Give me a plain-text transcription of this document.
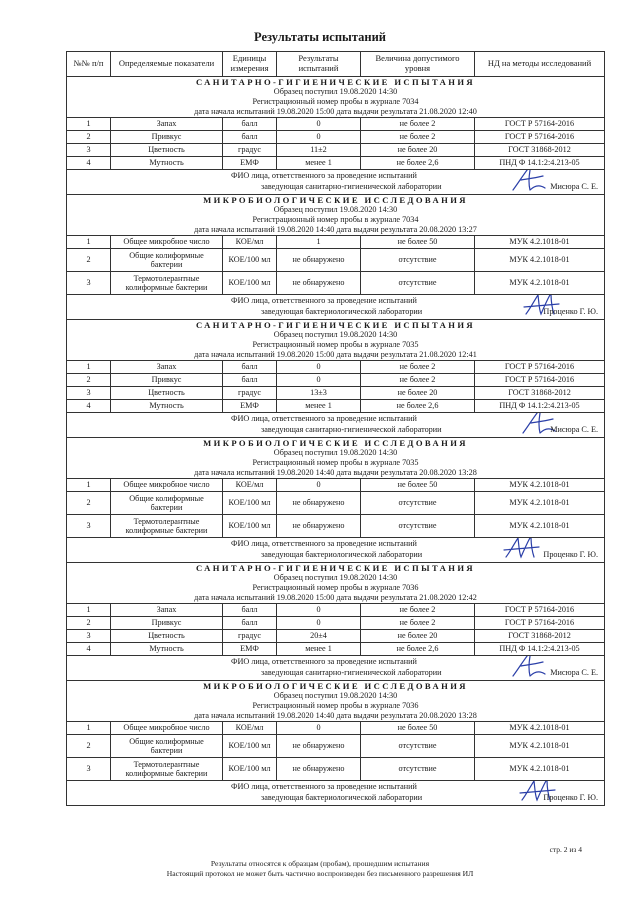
Результаты испытаний
№№ п/п	Определяемые показатели	Единицы измерения	Результаты испытаний	Величина допустимого уровня	НД на методы исследований

САНИТАРНО-ГИГИЕНИЧЕСКИЕ ИСПЫТАНИЯ
Образец поступил 19.08.2020 14:30
Регистрационный номер пробы в журнале 7034
дата начала испытаний 19.08.2020 15:00 дата выдачи результата 21.08.2020 12:40					

1	Запах	балл	0	не более 2	ГОСТ Р 57164-2016
2	Привкус	балл	0	не более 2	ГОСТ Р 57164-2016
3	Цветность	градус	11±2	не более 20	ГОСТ 31868-2012
4	Мутность	ЕМФ	менее 1	не более 2,6	ПНД Ф 14.1:2:4.213-05

ФИО лица, ответственного за проведение испытаний
заведующая санитарно-гигиенической лаборатории Мисюра С. Е.					

МИКРОБИОЛОГИЧЕСКИЕ ИССЛЕДОВАНИЯ
Образец поступил 19.08.2020 14:30
Регистрационный номер пробы в журнале 7034
дата начала испытаний 19.08.2020 14:40 дата выдачи результата 20.08.2020 13:27					

1	Общее микробное число	КОЕ/мл	1	не более 50	МУК 4.2.1018-01
2	Общие колиформные бактерии	КОЕ/100 мл	не обнаружено	отсутствие	МУК 4.2.1018-01
3	Термотолерантные колиформные бактерии	КОЕ/100 мл	не обнаружено	отсутствие	МУК 4.2.1018-01

ФИО лица, ответственного за проведение испытаний
заведующая бактериологической лаборатории Проценко Г. Ю.					

САНИТАРНО-ГИГИЕНИЧЕСКИЕ ИСПЫТАНИЯ
Образец поступил 19.08.2020 14:30
Регистрационный номер пробы в журнале 7035
дата начала испытаний 19.08.2020 15:00 дата выдачи результата 21.08.2020 12:41					

1	Запах	балл	0	не более 2	ГОСТ Р 57164-2016
2	Привкус	балл	0	не более 2	ГОСТ Р 57164-2016
3	Цветность	градус	13±3	не более 20	ГОСТ 31868-2012
4	Мутность	ЕМФ	менее 1	не более 2,6	ПНД Ф 14.1:2:4.213-05

ФИО лица, ответственного за проведение испытаний
заведующая санитарно-гигиенической лаборатории Мисюра С. Е.					

МИКРОБИОЛОГИЧЕСКИЕ ИССЛЕДОВАНИЯ
Образец поступил 19.08.2020 14:30
Регистрационный номер пробы в журнале 7035
дата начала испытаний 19.08.2020 14:40 дата выдачи результата 20.08.2020 13:28					

1	Общее микробное число	КОЕ/мл	0	не более 50	МУК 4.2.1018-01
2	Общие колиформные бактерии	КОЕ/100 мл	не обнаружено	отсутствие	МУК 4.2.1018-01
3	Термотолерантные колиформные бактерии	КОЕ/100 мл	не обнаружено	отсутствие	МУК 4.2.1018-01

ФИО лица, ответственного за проведение испытаний
заведующая бактериологической лаборатории Проценко Г. Ю.					

САНИТАРНО-ГИГИЕНИЧЕСКИЕ ИСПЫТАНИЯ
Образец поступил 19.08.2020 14:30
Регистрационный номер пробы в журнале 7036
дата начала испытаний 19.08.2020 15:00 дата выдачи результата 21.08.2020 12:42					

1	Запах	балл	0	не более 2	ГОСТ Р 57164-2016
2	Привкус	балл	0	не более 2	ГОСТ Р 57164-2016
3	Цветность	градус	20±4	не более 20	ГОСТ 31868-2012
4	Мутность	ЕМФ	менее 1	не более 2,6	ПНД Ф 14.1:2:4.213-05

ФИО лица, ответственного за проведение испытаний
заведующая санитарно-гигиенической лаборатории Мисюра С. Е.					

МИКРОБИОЛОГИЧЕСКИЕ ИССЛЕДОВАНИЯ
Образец поступил 19.08.2020 14:30
Регистрационный номер пробы в журнале 7036
дата начала испытаний 19.08.2020 14:40 дата выдачи результата 20.08.2020 13:28					

1	Общее микробное число	КОЕ/мл	0	не более 50	МУК 4.2.1018-01
2	Общие колиформные бактерии	КОЕ/100 мл	не обнаружено	отсутствие	МУК 4.2.1018-01
3	Термотолерантные колиформные бактерии	КОЕ/100 мл	не обнаружено	отсутствие	МУК 4.2.1018-01

ФИО лица, ответственного за проведение испытаний
заведующая бактериологической лаборатории Проценко Г. Ю.					
стр. 2 из 4
Результаты относятся к образцам (пробам), прошедшим испытания
Настоящий протокол не может быть частично воспроизведен без письменного разрешения ИЛ
